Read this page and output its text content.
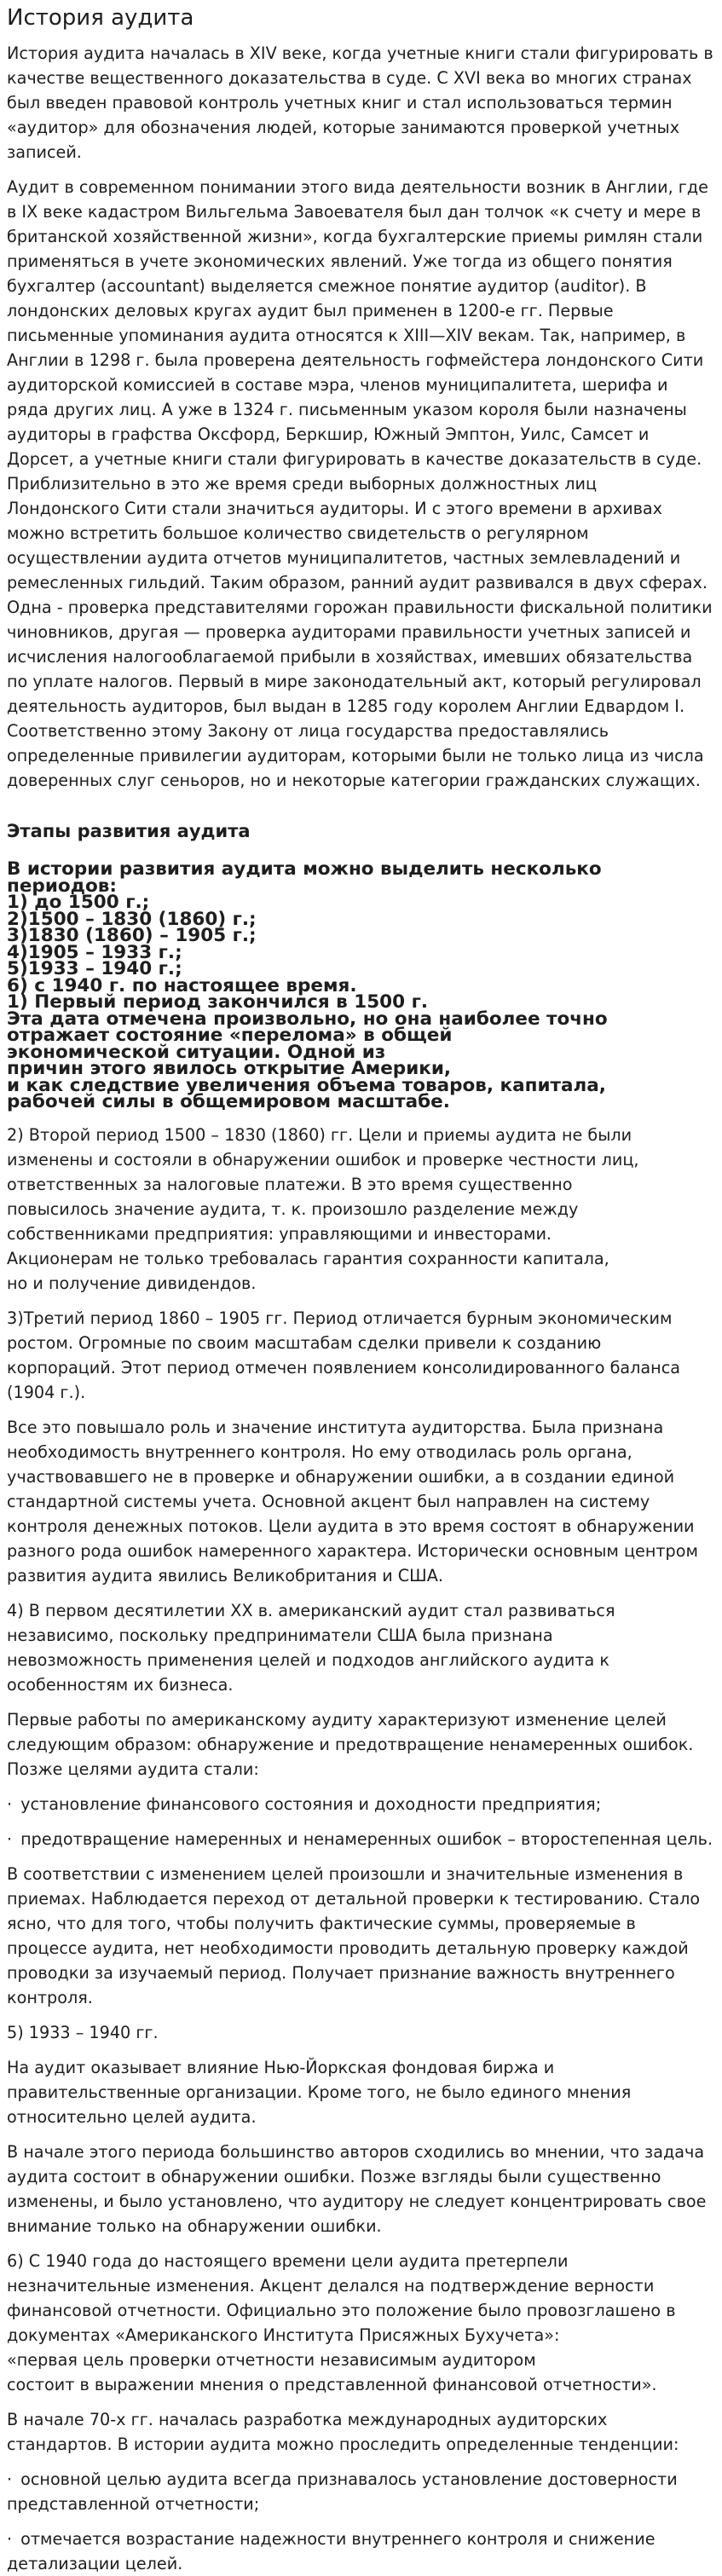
История аудита

История аудита началась в XIV веке, когда учетные книги стали фигурировать в качестве вещественного доказательства в суде. С XVI века во многих странах был введен правовой контроль учетных книг и стал использоваться термин «аудитор» для обозначения людей, которые занимаются проверкой учетных записей.

Аудит в современном понимании этого вида деятельности возник в Англии, где в IX веке кадастром Вильгельма Завоевателя был дан толчок «к счету и мере в британской хозяйственной жизни», когда бухгалтерские приемы римлян стали применяться в учете экономических явлений. Уже тогда из общего понятия бухгалтер (accountant) выделяется смежное понятие аудитор (auditor). В лондонских деловых кругах аудит был применен в 1200-е гг. Первые письменные упоминания аудита относятся к XIII—XIV векам. Так, например, в Англии в 1298 г. была проверена деятельность гофмейстера лондонского Сити аудиторской комиссией в составе мэра, членов муниципалитета, шерифа и ряда других лиц. А уже в 1324 г. письменным указом короля были назначены аудиторы в графства Оксфорд, Беркшир, Южный Эмптон, Уилс, Самсет и Дорсет, а учетные книги стали фигурировать в качестве доказательств в суде. Приблизительно в это же время среди выборных должностных лиц Лондонского Сити стали значиться аудиторы. И с этого времени в архивах можно встретить большое количество свидетельств о регулярном осуществлении аудита отчетов муниципалитетов, частных землевладений и ремесленных гильдий. Таким образом, ранний аудит развивался в двух сферах. Одна - проверка представителями горожан правильности фискальной политики чиновников, другая — проверка аудиторами правильности учетных записей и исчисления налогооблагаемой прибыли в хозяйствах, имевших обязательства по уплате налогов. Первый в мире законодательный акт, который регулировал деятельность аудиторов, был выдан в 1285 году королем Англии Едвардом I. Соответственно этому Закону от лица государства предоставлялись определенные привилегии аудиторам, которыми были не только лица из числа доверенных слуг сеньоров, но и некоторые категории гражданских служащих.

Этапы развития аудита
В истории развития аудита можно выделить несколько периодов:
1) до 1500 г.;
2)1500 – 1830 (1860) г.;
3)1830 (1860) – 1905 г.;
4)1905 – 1933 г.;
5)1933 – 1940 г.;
6) с 1940 г. по настоящее время.
1) Первый период закончился в 1500 г.
Эта дата отмечена произвольно, но она наиболее точно отражает состояние «перелома» в общей
экономической ситуации. Одной из
причин этого явилось открытие Америки,
и как следствие увеличения объема товаров, капитала,
рабочей силы в общемировом масштабе.

2) Второй период 1500 – 1830 (1860) гг. Цели и приемы аудита не были
изменены и состояли в обнаружении ошибок и проверке честности лиц,
ответственных за налоговые платежи. В это время существенно
повысилось значение аудита, т. к. произошло разделение между
собственниками предприятия: управляющими и инвесторами.
Акционерам не только требовалась гарантия сохранности капитала,
но и получение дивидендов.

3)Третий период 1860 – 1905 гг. Период отличается бурным экономическим
ростом. Огромные по своим масштабам сделки привели к созданию
корпораций. Этот период отмечен появлением консолидированного баланса
(1904 г.).

Все это повышало роль и значение института аудиторства. Была признана необходимость внутреннего контроля. Но ему отводилась роль органа, участвовавшего не в проверке и обнаружении ошибки, а в создании единой стандартной системы учета. Основной акцент был направлен на систему контроля денежных потоков. Цели аудита в это время состоят в обнаружении разного рода ошибок намеренного характера. Исторически основным центром развития аудита явились Великобритания и США.

4) В первом десятилетии XX в. американский аудит стал развиваться
независимо, поскольку предприниматели США была признана
невозможность применения целей и подходов английского аудита к
особенностям их бизнеса.

Первые работы по американскому аудиту характеризуют изменение целей следующим образом: обнаружение и предотвращение ненамеренных ошибок. Позже целями аудита стали:

· установление финансового состояния и доходности предприятия;
· предотвращение намеренных и ненамеренных ошибок – второстепенная цель.

В соответствии с изменением целей произошли и значительные изменения в приемах. Наблюдается переход от детальной проверки к тестированию. Стало ясно, что для того, чтобы получить фактические суммы, проверяемые в процессе аудита, нет необходимости проводить детальную проверку каждой проводки за изучаемый период. Получает признание важность внутреннего контроля.

5) 1933 – 1940 гг.

На аудит оказывает влияние Нью-Йоркская фондовая биржа и правительственные организации. Кроме того, не было единого мнения относительно целей аудита.

В начале этого периода большинство авторов сходились во мнении, что задача аудита состоит в обнаружении ошибки. Позже взгляды были существенно изменены, и было установлено, что аудитору не следует концентрировать свое внимание только на обнаружении ошибки.

6) С 1940 года до настоящего времени цели аудита претерпели
незначительные изменения. Акцент делался на подтверждение верности
финансовой отчетности. Официально это положение было провозглашено в
документах «Американского Института Присяжных Бухучета»:
«первая цель проверки отчетности независимым аудитором
состоит в выражении мнения о представленной финансовой отчетности».

В начале 70-х гг. началась разработка международных аудиторских стандартов. В истории аудита можно проследить определенные тенденции:

· основной целью аудита всегда признавалось установление достоверности представленной отчетности;
· отмечается возрастание надежности внутреннего контроля и снижение детализации целей.
